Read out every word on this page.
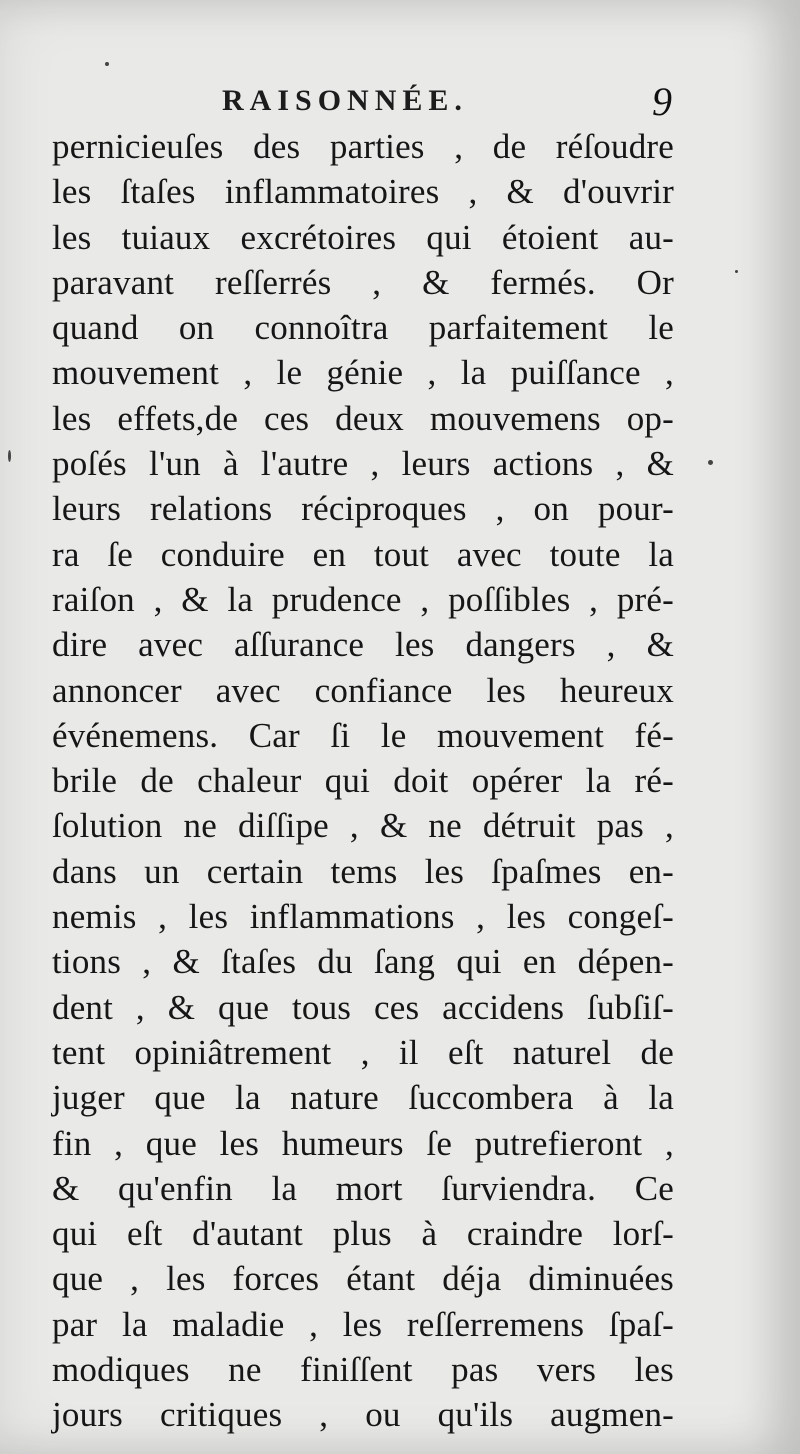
RAISONNÉE.	9
pernicieuſes des parties , de réſoudre
les ſtaſes inflammatoires , & d'ouvrir
les tuiaux excrétoires qui étoient au-
paravant reſſerrés , & fermés. Or
quand on connoîtra parfaitement le
mouvement , le génie , la puiſſance ,
les effets,de ces deux mouvemens op-
poſés l'un à l'autre , leurs actions , &
leurs relations réciproques , on pour-
ra ſe conduire en tout avec toute la
raiſon , & la prudence , poſſibles , pré-
dire avec aſſurance les dangers , &
annoncer avec confiance les heureux
événemens. Car ſi le mouvement fé-
brile de chaleur qui doit opérer la ré-
ſolution ne diſſipe , & ne détruit pas ,
dans un certain tems les ſpaſmes en-
nemis , les inflammations , les congeſ-
tions , & ſtaſes du ſang qui en dépen-
dent , & que tous ces accidens ſubſiſ-
tent opiniâtrement , il eſt naturel de
juger que la nature ſuccombera à la
fin , que les humeurs ſe putrefieront ,
& qu'enfin la mort ſurviendra. Ce
qui eſt d'autant plus à craindre lorſ-
que , les forces étant déja diminuées
par la maladie , les reſſerremens ſpaſ-
modiques ne finiſſent pas vers les
jours critiques , ou qu'ils augmen-
